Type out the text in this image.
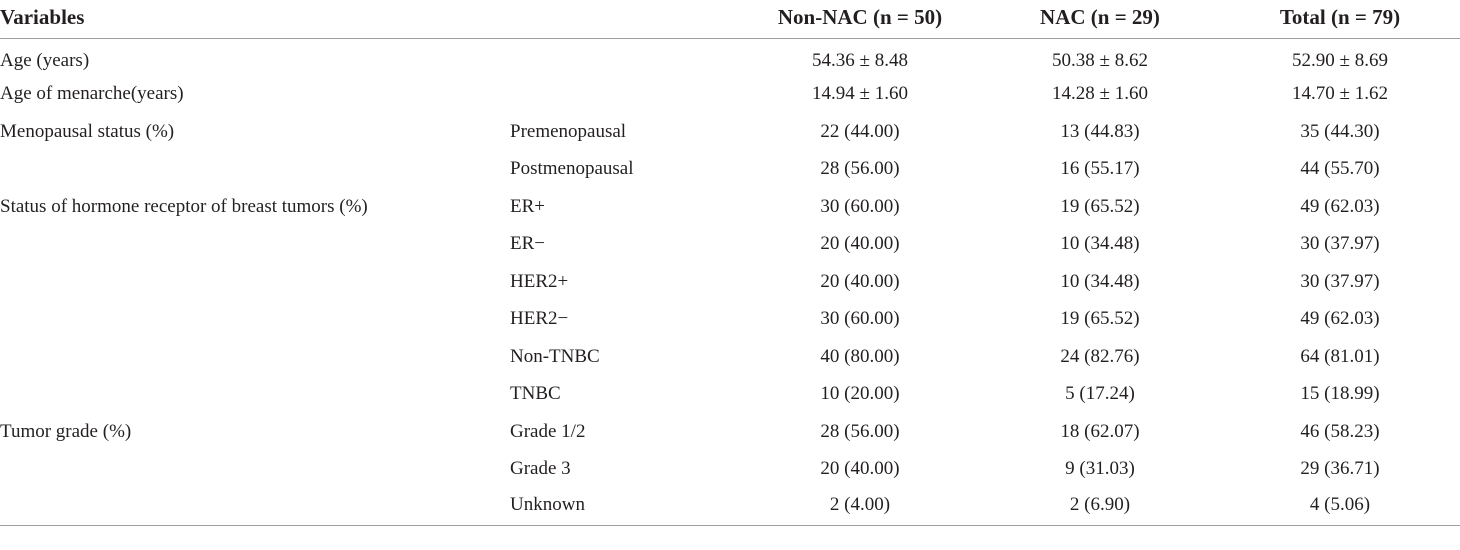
Variables		Non-NAC (n = 50)	NAC (n = 29)	Total (n = 79)
Age (years)		54.36 ± 8.48	50.38 ± 8.62	52.90 ± 8.69
Age of menarche(years)		14.94 ± 1.60	14.28 ± 1.60	14.70 ± 1.62
Menopausal status (%)	Premenopausal	22 (44.00)	13 (44.83)	35 (44.30)
	Postmenopausal	28 (56.00)	16 (55.17)	44 (55.70)
Status of hormone receptor of breast tumors (%)	ER+	30 (60.00)	19 (65.52)	49 (62.03)
	ER−	20 (40.00)	10 (34.48)	30 (37.97)
	HER2+	20 (40.00)	10 (34.48)	30 (37.97)
	HER2−	30 (60.00)	19 (65.52)	49 (62.03)
	Non-TNBC	40 (80.00)	24 (82.76)	64 (81.01)
	TNBC	10 (20.00)	5 (17.24)	15 (18.99)
Tumor grade (%)	Grade 1/2	28 (56.00)	18 (62.07)	46 (58.23)
	Grade 3	20 (40.00)	9 (31.03)	29 (36.71)
	Unknown	2 (4.00)	2 (6.90)	4 (5.06)
